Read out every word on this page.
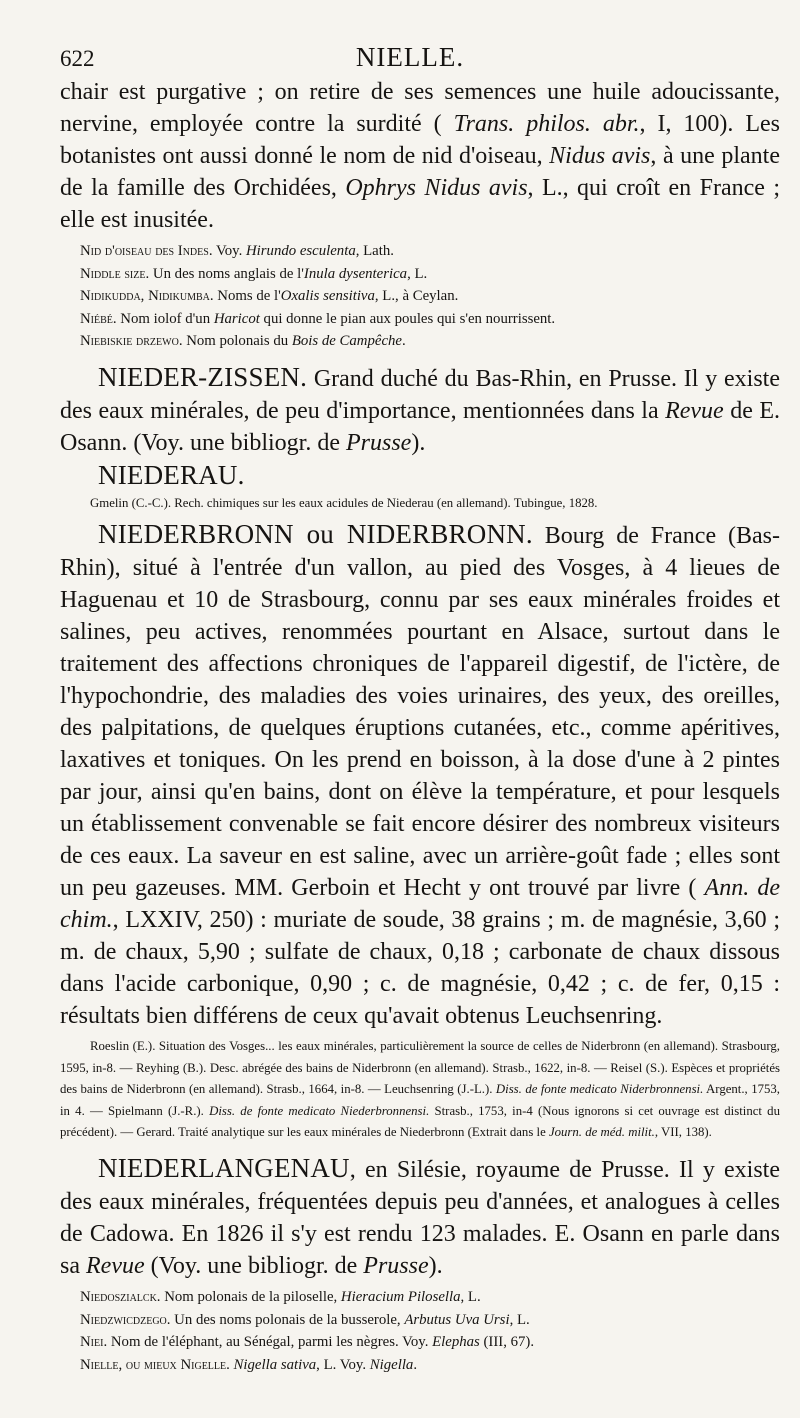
622	NIELLE.

chair est purgative ; on retire de ses semences une huile adoucissante, nervine, employée contre la surdité ( Trans. philos. abr., I, 100). Les botanistes ont aussi donné le nom de nid d'oiseau, Nidus avis, à une plante de la famille des Orchidées, Ophrys Nidus avis, L., qui croît en France ; elle est inusitée.

Nid d'oiseau des Indes. Voy. Hirundo esculenta, Lath.

Niddle size. Un des noms anglais de l'Inula dysenterica, L.

Nidikudda, Nidikumba. Noms de l'Oxalis sensitiva, L., à Ceylan.

Niébé. Nom iolof d'un Haricot qui donne le pian aux poules qui s'en nourrissent.

Niebiskie drzewo. Nom polonais du Bois de Campêche.

NIEDER-ZISSEN. Grand duché du Bas-Rhin, en Prusse. Il y existe des eaux minérales, de peu d'importance, mentionnées dans la Revue de E. Osann. (Voy. une bibliogr. de Prusse).

NIEDERAU.

Gmelin (C.-C.). Rech. chimiques sur les eaux acidules de Niederau (en allemand). Tubingue, 1828.

NIEDERBRONN ou NIDERBRONN. Bourg de France (Bas-Rhin), situé à l'entrée d'un vallon, au pied des Vosges, à 4 lieues de Haguenau et 10 de Strasbourg, connu par ses eaux minérales froides et salines, peu actives, renommées pourtant en Alsace, surtout dans le traitement des affections chroniques de l'appareil digestif, de l'ictère, de l'hypochondrie, des maladies des voies urinaires, des yeux, des oreilles, des palpitations, de quelques éruptions cutanées, etc., comme apéritives, laxatives et toniques. On les prend en boisson, à la dose d'une à 2 pintes par jour, ainsi qu'en bains, dont on élève la température, et pour lesquels un établissement convenable se fait encore désirer des nombreux visiteurs de ces eaux. La saveur en est saline, avec un arrière-goût fade ; elles sont un peu gazeuses. MM. Gerboin et Hecht y ont trouvé par livre ( Ann. de chim., LXXIV, 250) : muriate de soude, 38 grains ; m. de magnésie, 3,60 ; m. de chaux, 5,90 ; sulfate de chaux, 0,18 ; carbonate de chaux dissous dans l'acide carbonique, 0,90 ; c. de magnésie, 0,42 ; c. de fer, 0,15 : résultats bien différens de ceux qu'avait obtenus Leuchsenring.

Roeslin (E.). Situation des Vosges... les eaux minérales, particulièrement la source de celles de Niderbronn (en allemand). Strasbourg, 1595, in-8. — Reyhing (B.). Desc. abrégée des bains de Niderbronn (en allemand). Strasb., 1622, in-8. — Reisel (S.). Espèces et propriétés des bains de Niderbronn (en allemand). Strasb., 1664, in-8. — Leuchsenring (J.-L.). Diss. de fonte medicato Niderbronnensi. Argent., 1753, in 4. — Spielmann (J.-R.). Diss. de fonte medicato Niederbronnensi. Strasb., 1753, in-4 (Nous ignorons si cet ouvrage est distinct du précédent). — Gerard. Traité analytique sur les eaux minérales de Niederbronn (Extrait dans le Journ. de méd. milit., VII, 138).

NIEDERLANGENAU, en Silésie, royaume de Prusse. Il y existe des eaux minérales, fréquentées depuis peu d'années, et analogues à celles de Cadowa. En 1826 il s'y est rendu 123 malades. E. Osann en parle dans sa Revue (Voy. une bibliogr. de Prusse).

Niedoszialck. Nom polonais de la piloselle, Hieracium Pilosella, L.

Niedzwicdzego. Un des noms polonais de la busserole, Arbutus Uva Ursi, L.

Niei. Nom de l'éléphant, au Sénégal, parmi les nègres. Voy. Elephas (III, 67).

Nielle, ou mieux Nigelle. Nigella sativa, L. Voy. Nigella.
